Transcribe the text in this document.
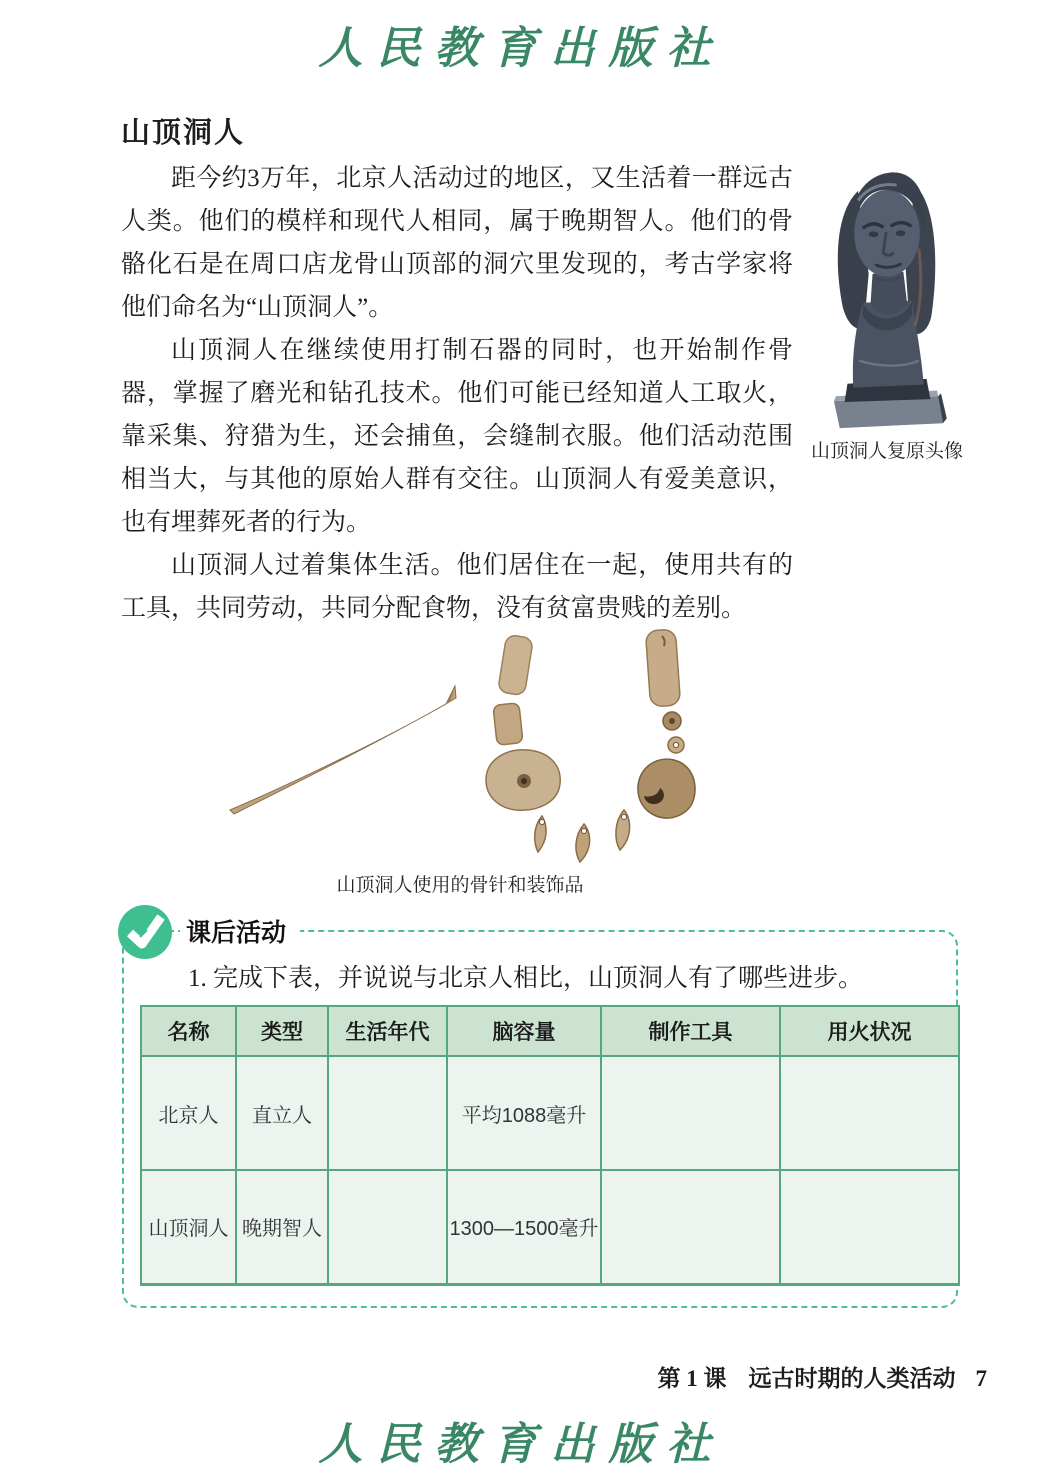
人民教育出版社
山顶洞人

距今约3万年，北京人活动过的地区，又生活着一群远古人类。他们的模样和现代人相同，属于晚期智人。他们的骨骼化石是在周口店龙骨山顶部的洞穴里发现的，考古学家将他们命名为“山顶洞人”。

山顶洞人在继续使用打制石器的同时，也开始制作骨器，掌握了磨光和钻孔技术。他们可能已经知道人工取火，靠采集、狩猎为生，还会捕鱼，会缝制衣服。他们活动范围相当大，与其他的原始人群有交往。山顶洞人有爱美意识，也有埋葬死者的行为。

山顶洞人过着集体生活。他们居住在一起，使用共有的工具，共同劳动，共同分配食物，没有贫富贵贱的差别。

山顶洞人复原头像
山顶洞人使用的骨针和装饰品
课后活动
1. 完成下表，并说说与北京人相比，山顶洞人有了哪些进步。
名称	类型	生活年代	脑容量	制作工具	用火状况
北京人	直立人		平均1088毫升		
山顶洞人	晚期智人		1300—1500毫升		
第 1 课 远古时期的人类活动 7
人民教育出版社
